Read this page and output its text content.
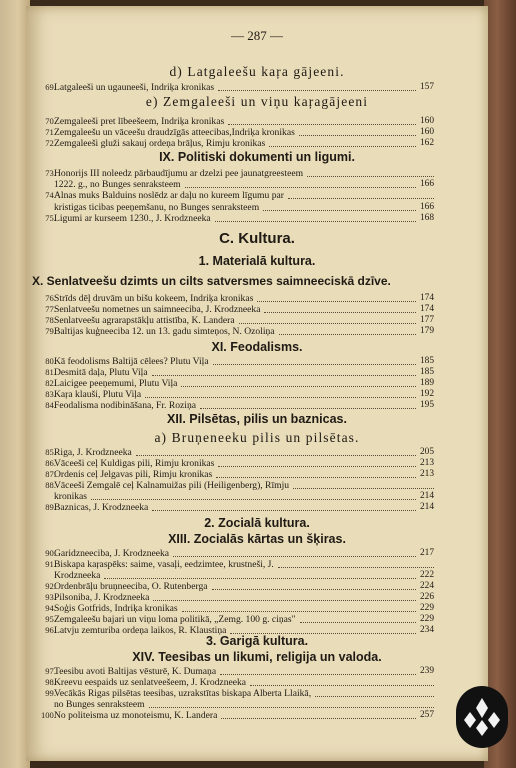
— 287 —
d) Latgaleešu kaŗa gājeeni.
69.
Latgaleeši un ugauneeši, Indriķa kronikas	157
e) Zemgaleeši un viņu kaŗagājeeni
70.
Zemgaleeši pret lībeešeem, Indriķa kronikas	160
71.
Zemgaleešu un vāceešu draudzīgās atteecibas,Indriķa kronikas	160
72.
Zemgaleeši gluži sakauj ordeņa brāļus, Rimju kronikas	162
IX. Politiski dokumenti un ligumi.
73.
Honorijs III noleedz pārbaudījumu ar dzelzi pee jaunatgreesteem
1222. g., no Bunges senraksteem	166
74.
Alnas muks Balduins noslēdz ar daļu no kureem līgumu par
kristigas ticibas peeņemšanu, no Bunges senraksteem	166
75.
Ligumi ar kurseem 1230., J. Krodzneeka	168
C. Kultura.
1. Materialā kultura.
X. Senlatveešu dzimts un cilts satversmes saimneeciskā dzīve.
76.
Strīds dēļ druvām un bišu kokeem, Indriķa kronikas	174
77.
Senlatveešu nometnes un saimneeciba, J. Krodzneeka	174
78.
Senlatveešu agrarapstākļu attistība, K. Landera	177
79.
Baltijas kuģneeciba 12. un 13. gadu simteņos, N. Ozoliņa	179
XI. Feodalisms.
80.
Kā feodolisms Baltijā cēlees? Plutu Viļa	185
81.
Desmitā daļa, Plutu Viļa	185
82.
Laicigee peeņemumi, Plutu Viļa	189
83.
Kaŗa klauši, Plutu Viļa	192
84.
Feodalisma nodibināšana, Fr. Roziņa	195
XII. Pilsētas, pilis un baznicas.
a) Bruņeneeku pilis un pilsētas.
85.
Riga, J. Krodzneeka	205
86.
Vāceeši ceļ Kuldigas pili, Rimju kronikas	213
87.
Ordenis ceļ Jelgavas pili, Rimju kronikas	213
88.
Vāceeši Zemgalē ceļ Kalnamuižas pili (Heiligenberg), Rīmju
kronikas	214
89.
Baznicas, J. Krodzneeka	214
2. Zocialā kultura.
XIII. Zocialās kārtas un šķiras.
90.
Garidzneeciba, J. Krodzneeka	217
91.
Biskapa kaŗaspēks: saime, vasaļi, eedzimtee, krustneši, J.
Krodzneeka	222
92.
Ordenbrāļu bruņneeciba, O. Rutenberga	224
93.
Pilsoniba, J. Krodzneeka	226
94.
Soģis Gotfrids, Indriķa kronikas	229
95.
Zemgaleešu bajari un viņu loma politikā, „Zemg. 100 g. ciņas"	229
96.
Latvju zemturiba ordeņa laikos, R. Klaustiņa	234
3. Garigā kultura.
XIV. Teesibas un likumi, religija un valoda.
97.
Teesibu avoti Baltijas vēsturē, K. Dumaņa	239
98.
Kreevu eespaids uz senlatveešeem, J. Krodzneeka
99.
Vecākās Rigas pilsētas teesibas, uzrakstītas biskapa Alberta Llaikā,
no Bunges senraksteem
100.
No politeisma uz monoteismu, K. Landera	257
